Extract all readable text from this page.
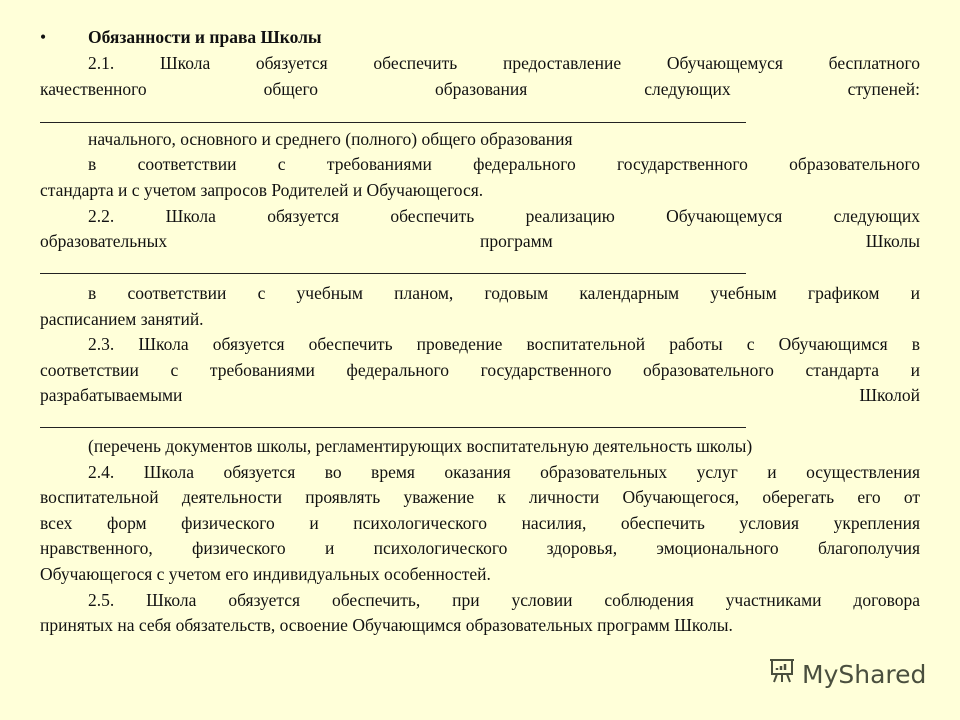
• Обязанности и права Школы
2.1. Школа обязуется обеспечить предоставление Обучающемуся бесплатного
качественного общего образования следующих ступеней:
начального, основного и среднего (полного) общего образования
в соответствии с требованиями федерального государственного образовательного
стандарта и с учетом запросов Родителей и Обучающегося.
2.2. Школа обязуется обеспечить реализацию Обучающемуся следующих
образовательных программ Школы
в соответствии с учебным планом, годовым календарным учебным графиком и
расписанием занятий.
2.3. Школа обязуется обеспечить проведение воспитательной работы с Обучающимся в
соответствии с требованиями федерального государственного образовательного стандарта и
разрабатываемыми Школой
(перечень документов школы, регламентирующих воспитательную деятельность школы)
2.4. Школа обязуется во время оказания образовательных услуг и осуществления
воспитательной деятельности проявлять уважение к личности Обучающегося, оберегать его от
всех форм физического и психологического насилия, обеспечить условия укрепления
нравственного, физического и психологического здоровья, эмоционального благополучия
Обучающегося с учетом его индивидуальных особенностей.
2.5. Школа обязуется обеспечить, при условии соблюдения участниками договора
принятых на себя обязательств, освоение Обучающимся образовательных программ Школы.
MyShared
